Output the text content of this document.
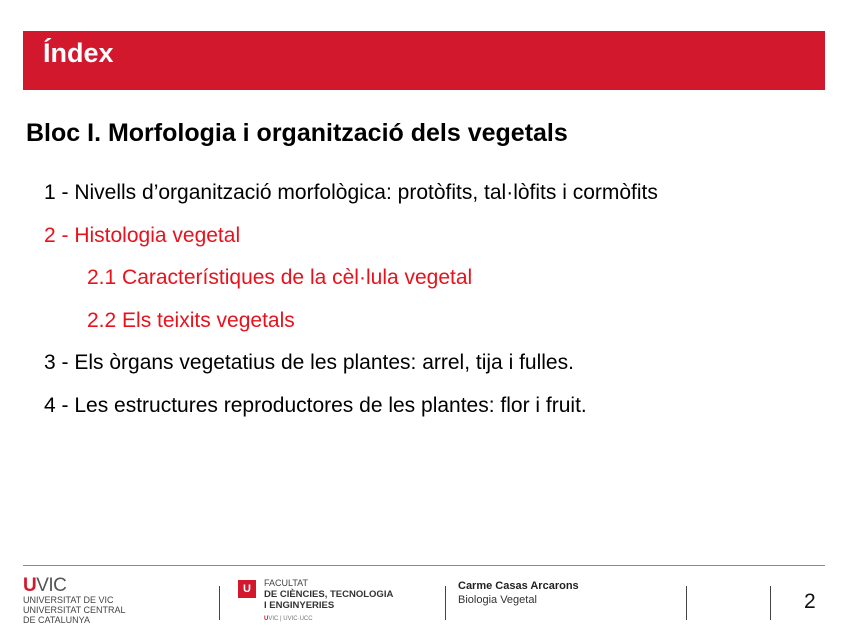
Índex
Bloc I. Morfologia i organització dels vegetals
1 - Nivells d’organització morfològica: protòfits, tal·lòfits i cormòfits
2 - Histologia vegetal
2.1 Característiques de la cèl·lula vegetal
2.2 Els teixits vegetals
3 - Els òrgans vegetatius de les plantes: arrel, tija i fulles.
4 - Les estructures reproductores de les plantes: flor i fruit.
UVIC
UNIVERSITAT DE VIC
UNIVERSITAT CENTRAL
DE CATALUNYA
U	FACULTAT
DE CIÈNCIES, TECNOLOGIA
I ENGINYERIES
UVIC | UVIC·UCC
Carme Casas Arcarons
Biologia Vegetal	2
